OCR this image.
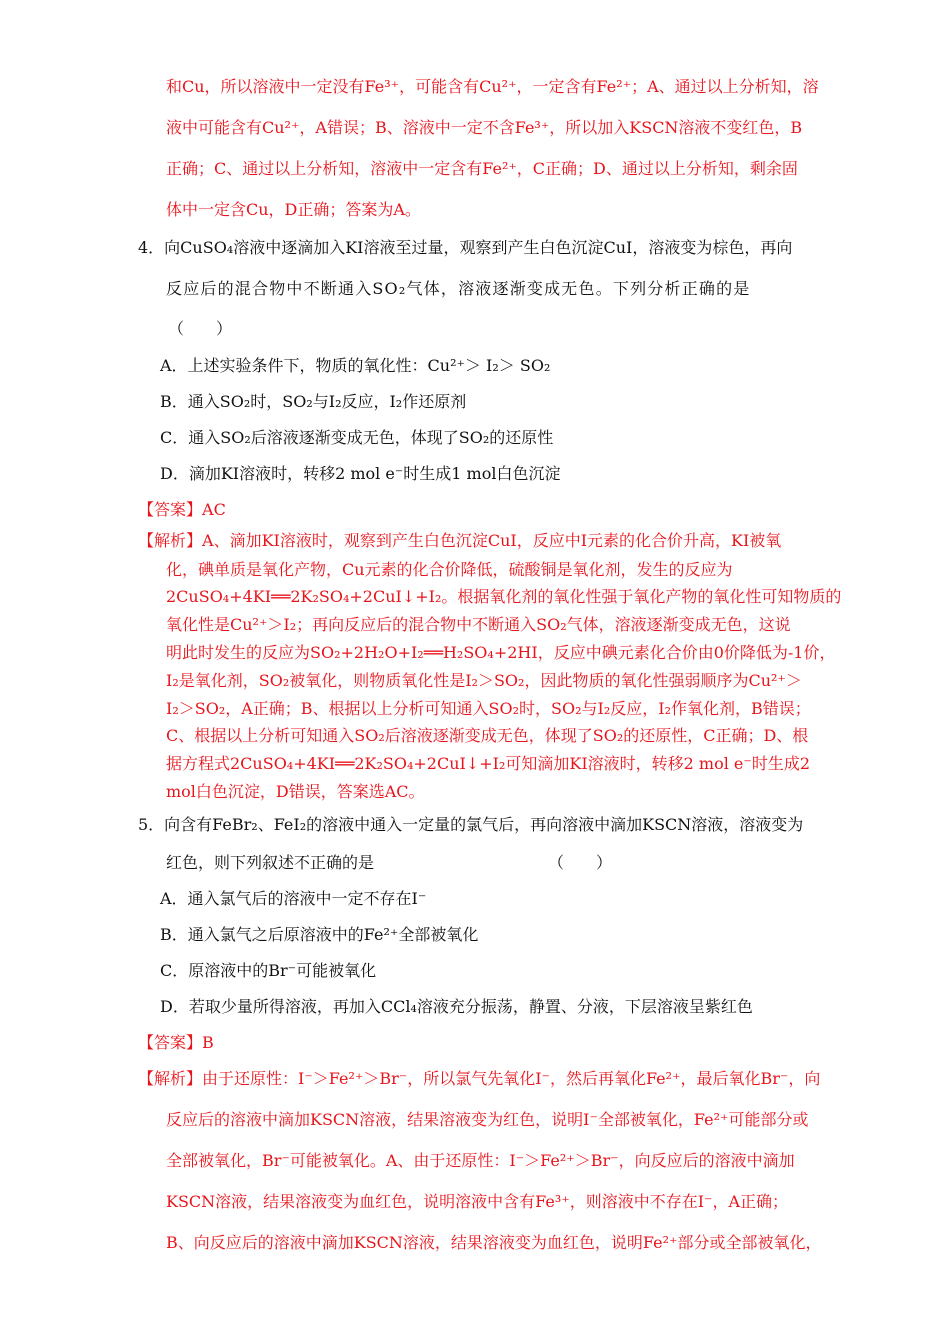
和Cu，所以溶液中一定没有Fe³⁺，可能含有Cu²⁺，一定含有Fe²⁺；A、通过以上分析知，溶
液中可能含有Cu²⁺，A错误；B、溶液中一定不含Fe³⁺，所以加入KSCN溶液不变红色，B
正确；C、通过以上分析知，溶液中一定含有Fe²⁺，C正确；D、通过以上分析知，剩余固
体中一定含Cu，D正确；答案为A。
4．向CuSO₄溶液中逐滴加入KI溶液至过量，观察到产生白色沉淀CuI，溶液变为棕色，再向
反应后的混合物中不断通入SO₂气体，溶液逐渐变成无色。下列分析正确的是
（　　）
A．上述实验条件下，物质的氧化性：Cu²⁺＞ I₂＞ SO₂
B．通入SO₂时，SO₂与I₂反应，I₂作还原剂
C．通入SO₂后溶液逐渐变成无色，体现了SO₂的还原性
D．滴加KI溶液时，转移2 mol e⁻时生成1 mol白色沉淀
【答案】AC
【解析】A、滴加KI溶液时，观察到产生白色沉淀CuI，反应中I元素的化合价升高，KI被氧
化，碘单质是氧化产物，Cu元素的化合价降低，硫酸铜是氧化剂，发生的反应为
2CuSO₄+4KI══2K₂SO₄+2CuI↓+I₂。根据氧化剂的氧化性强于氧化产物的氧化性可知物质的
氧化性是Cu²⁺＞I₂；再向反应后的混合物中不断通入SO₂气体，溶液逐渐变成无色，这说
明此时发生的反应为SO₂+2H₂O+I₂══H₂SO₄+2HI，反应中碘元素化合价由0价降低为-1价，
I₂是氧化剂，SO₂被氧化，则物质氧化性是I₂＞SO₂，因此物质的氧化性强弱顺序为Cu²⁺＞
I₂＞SO₂，A正确；B、根据以上分析可知通入SO₂时，SO₂与I₂反应，I₂作氧化剂，B错误；
C、根据以上分析可知通入SO₂后溶液逐渐变成无色，体现了SO₂的还原性，C正确；D、根
据方程式2CuSO₄+4KI══2K₂SO₄+2CuI↓+I₂可知滴加KI溶液时，转移2 mol e⁻时生成2
mol白色沉淀，D错误，答案选AC。
5．向含有FeBr₂、FeI₂的溶液中通入一定量的氯气后，再向溶液中滴加KSCN溶液，溶液变为
红色，则下列叙述不正确的是	（　　）
A．通入氯气后的溶液中一定不存在I⁻
B．通入氯气之后原溶液中的Fe²⁺全部被氧化
C．原溶液中的Br⁻可能被氧化
D．若取少量所得溶液，再加入CCl₄溶液充分振荡，静置、分液，下层溶液呈紫红色
【答案】B
【解析】由于还原性：I⁻＞Fe²⁺＞Br⁻，所以氯气先氧化I⁻，然后再氧化Fe²⁺，最后氧化Br⁻，向
反应后的溶液中滴加KSCN溶液，结果溶液变为红色，说明I⁻全部被氧化，Fe²⁺可能部分或
全部被氧化，Br⁻可能被氧化。A、由于还原性：I⁻＞Fe²⁺＞Br⁻，向反应后的溶液中滴加
KSCN溶液，结果溶液变为血红色，说明溶液中含有Fe³⁺，则溶液中不存在I⁻，A正确；
B、向反应后的溶液中滴加KSCN溶液，结果溶液变为血红色，说明Fe²⁺部分或全部被氧化，
